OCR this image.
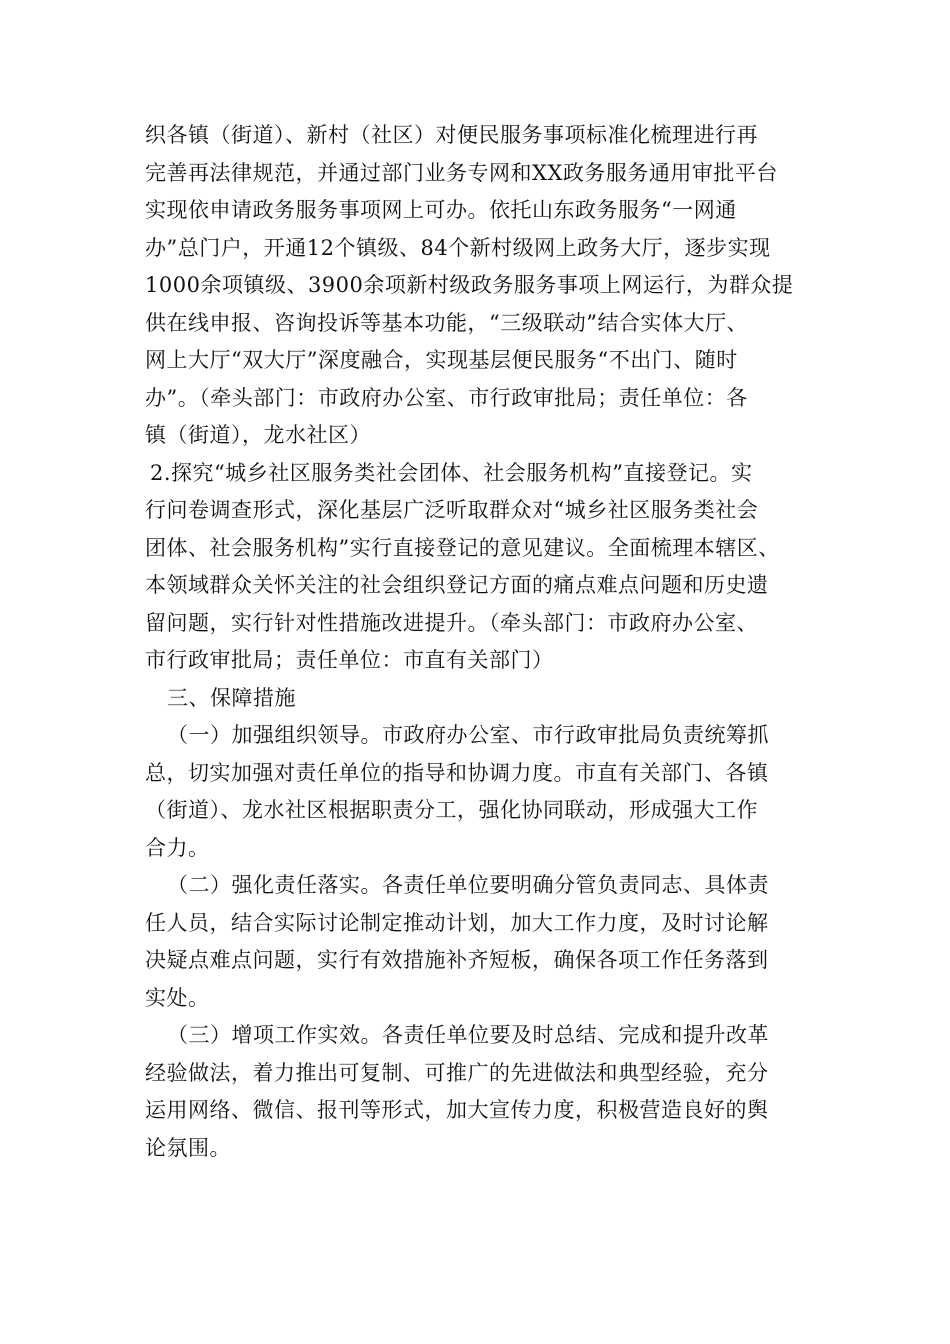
织各镇（街道）、新村（社区）对便民服务事项标准化梳理进行再
完善再法律规范，并通过部门业务专网和XX政务服务通用审批平台
实现依申请政务服务事项网上可办。依托山东政务服务“一网通
办”总门户，开通12个镇级、84个新村级网上政务大厅，逐步实现
1000余项镇级、3900余项新村级政务服务事项上网运行，为群众提
供在线申报、咨询投诉等基本功能，“三级联动”结合实体大厅、
网上大厅“双大厅”深度融合，实现基层便民服务“不出门、随时
办”。（牵头部门：市政府办公室、市行政审批局；责任单位：各
镇（街道），龙水社区）
2.探究“城乡社区服务类社会团体、社会服务机构”直接登记。实
行问卷调查形式，深化基层广泛听取群众对“城乡社区服务类社会
团体、社会服务机构”实行直接登记的意见建议。全面梳理本辖区、
本领域群众关怀关注的社会组织登记方面的痛点难点问题和历史遗
留问题，实行针对性措施改进提升。（牵头部门：市政府办公室、
市行政审批局；责任单位：市直有关部门）
三、保障措施
（一）加强组织领导。市政府办公室、市行政审批局负责统筹抓
总，切实加强对责任单位的指导和协调力度。市直有关部门、各镇
（街道）、龙水社区根据职责分工，强化协同联动，形成强大工作
合力。
（二）强化责任落实。各责任单位要明确分管负责同志、具体责
任人员，结合实际讨论制定推动计划，加大工作力度，及时讨论解
决疑点难点问题，实行有效措施补齐短板，确保各项工作任务落到
实处。
（三）增项工作实效。各责任单位要及时总结、完成和提升改革
经验做法，着力推出可复制、可推广的先进做法和典型经验，充分
运用网络、微信、报刊等形式，加大宣传力度，积极营造良好的舆
论氛围。
